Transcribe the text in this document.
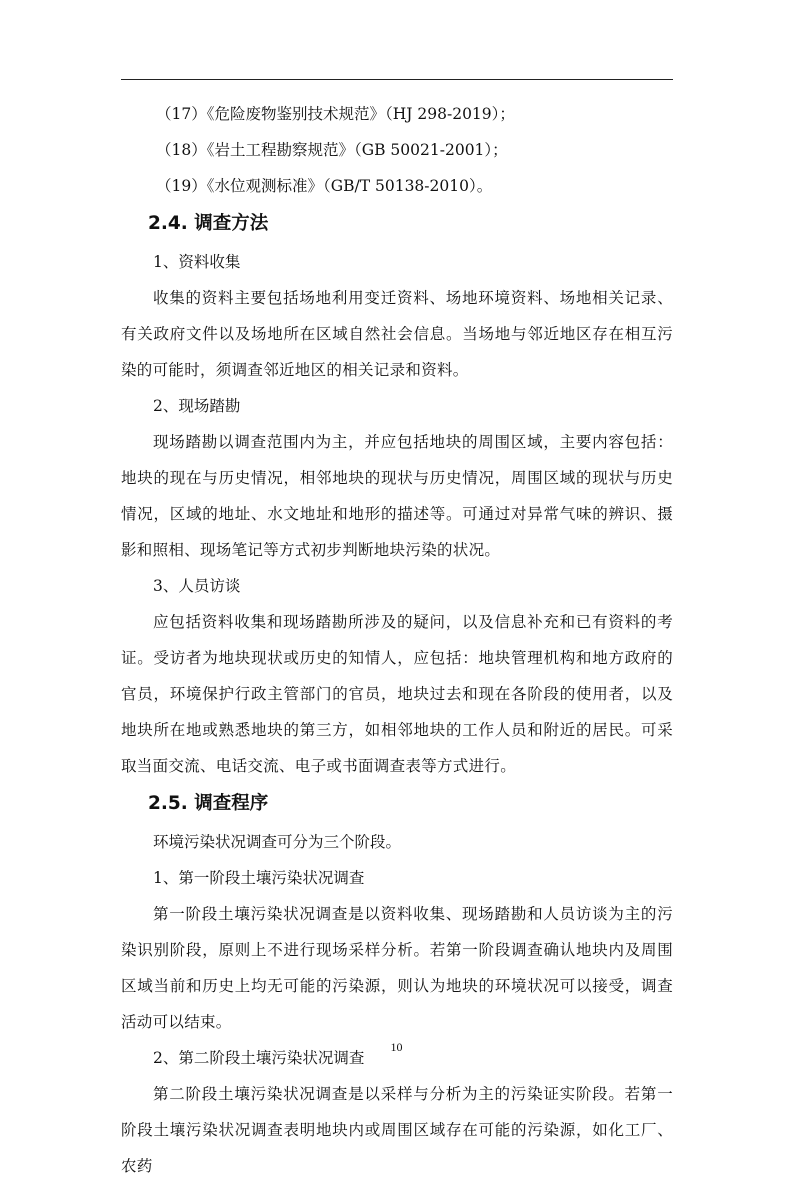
（17）《危险废物鉴别技术规范》（HJ 298-2019）；
（18）《岩土工程勘察规范》（GB 50021-2001）；
（19）《水位观测标准》（GB/T 50138-2010）。
2.4. 调查方法
1、资料收集
收集的资料主要包括场地利用变迁资料、场地环境资料、场地相关记录、有关政府文件以及场地所在区域自然社会信息。当场地与邻近地区存在相互污染的可能时，须调查邻近地区的相关记录和资料。
2、现场踏勘
现场踏勘以调查范围内为主，并应包括地块的周围区域，主要内容包括：地块的现在与历史情况，相邻地块的现状与历史情况，周围区域的现状与历史情况，区域的地址、水文地址和地形的描述等。可通过对异常气味的辨识、摄影和照相、现场笔记等方式初步判断地块污染的状况。
3、人员访谈
应包括资料收集和现场踏勘所涉及的疑问，以及信息补充和已有资料的考证。受访者为地块现状或历史的知情人，应包括：地块管理机构和地方政府的官员，环境保护行政主管部门的官员，地块过去和现在各阶段的使用者，以及地块所在地或熟悉地块的第三方，如相邻地块的工作人员和附近的居民。可采取当面交流、电话交流、电子或书面调查表等方式进行。
2.5. 调查程序
环境污染状况调查可分为三个阶段。
1、第一阶段土壤污染状况调查
第一阶段土壤污染状况调查是以资料收集、现场踏勘和人员访谈为主的污染识别阶段，原则上不进行现场采样分析。若第一阶段调查确认地块内及周围区域当前和历史上均无可能的污染源，则认为地块的环境状况可以接受，调查活动可以结束。
2、第二阶段土壤污染状况调查
第二阶段土壤污染状况调查是以采样与分析为主的污染证实阶段。若第一阶段土壤污染状况调查表明地块内或周围区域存在可能的污染源，如化工厂、农药
10
